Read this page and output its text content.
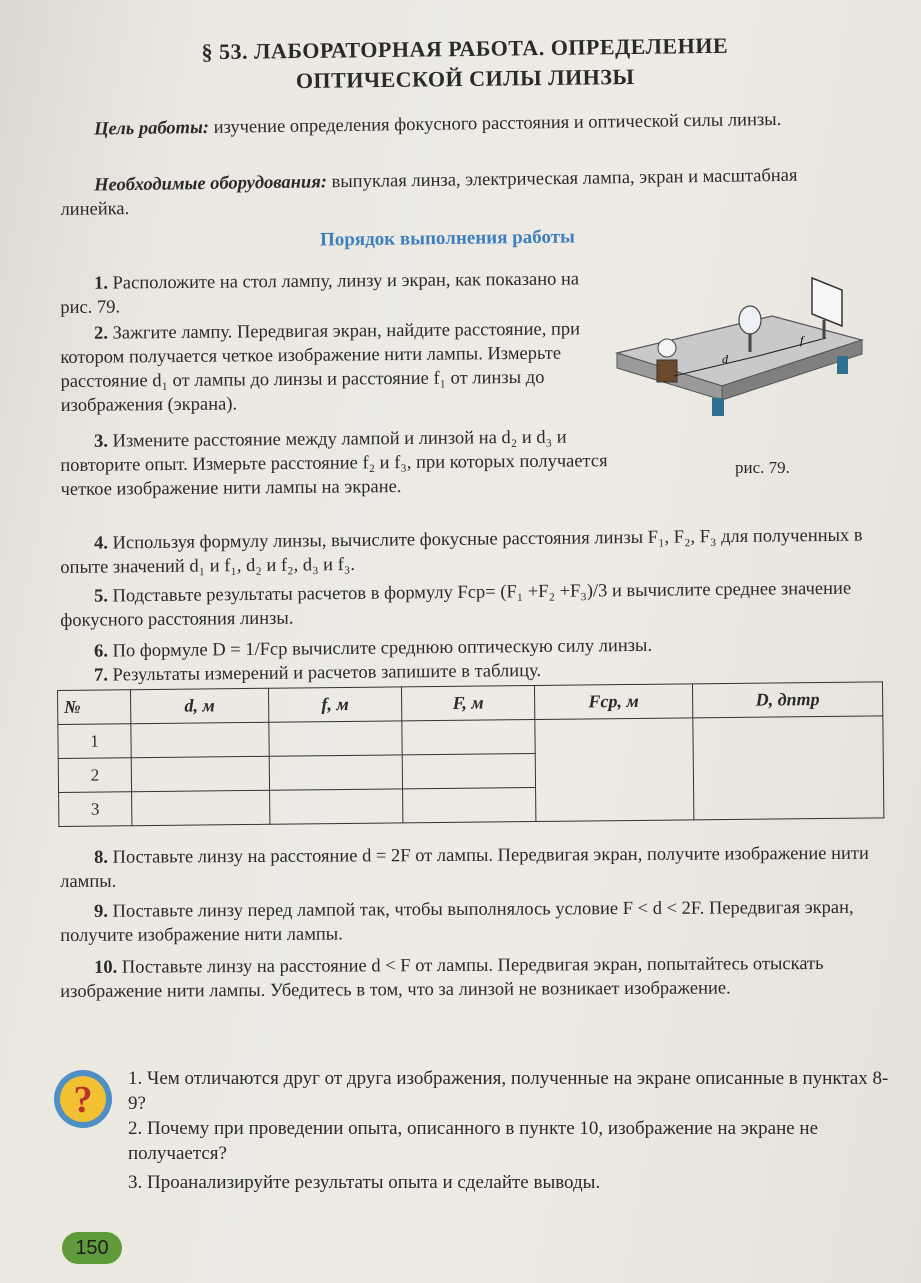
§ 53. ЛАБОРАТОРНАЯ РАБОТА. ОПРЕДЕЛЕНИЕ
ОПТИЧЕСКОЙ СИЛЫ ЛИНЗЫ
Цель работы: изучение определения фокусного расстояния и оптической силы линзы.
Необходимые оборудования: выпуклая линза, электрическая лампа, экран и масштабная линейка.
Порядок выполнения работы
1. Расположите на стол лампу, линзу и экран, как показано на рис. 79.
2. Зажгите лампу. Передвигая экран, найдите расстояние, при котором получается четкое изображение нити лампы. Измерьте расстояние d₁ от лампы до линзы и расстояние f₁ от линзы до изображения (экрана).
3. Измените расстояние между лампой и линзой на d₂ и d₃ и повторите опыт. Измерьте расстояние f₂ и f₃, при которых получается четкое изображение нити лампы на экране.
d
f
рис. 79.
4. Используя формулу линзы, вычислите фокусные расстояния линзы F₁, F₂, F₃ для полученных в опыте значений d₁ и f₁, d₂ и f₂, d₃ и f₃.
5. Подставьте результаты расчетов в формулу Fср= (F₁ +F₂ +F₃)/3 и вычислите среднее значение фокусного расстояния линзы.
6. По формуле D = 1/Fср вычислите среднюю оптическую силу линзы.
7. Результаты измерений и расчетов запишите в таблицу.
№	d, м	f, м	F, м	Fср, м	D, дптр
1					
2					
3					
8. Поставьте линзу на расстояние d = 2F от лампы. Передвигая экран, получите изображение нити лампы.
9. Поставьте линзу перед лампой так, чтобы выполнялось условие F < d < 2F. Передвигая экран, получите изображение нити лампы.
10. Поставьте линзу на расстояние d < F от лампы. Передвигая экран, попытайтесь отыскать изображение нити лампы. Убедитесь в том, что за линзой не возникает изображение.
?
1. Чем отличаются друг от друга изображения, полученные на экране описанные в пунктах 8-9?
2. Почему при проведении опыта, описанного в пункте 10, изображение на экране не получается?
3. Проанализируйте результаты опыта и сделайте выводы.
150
